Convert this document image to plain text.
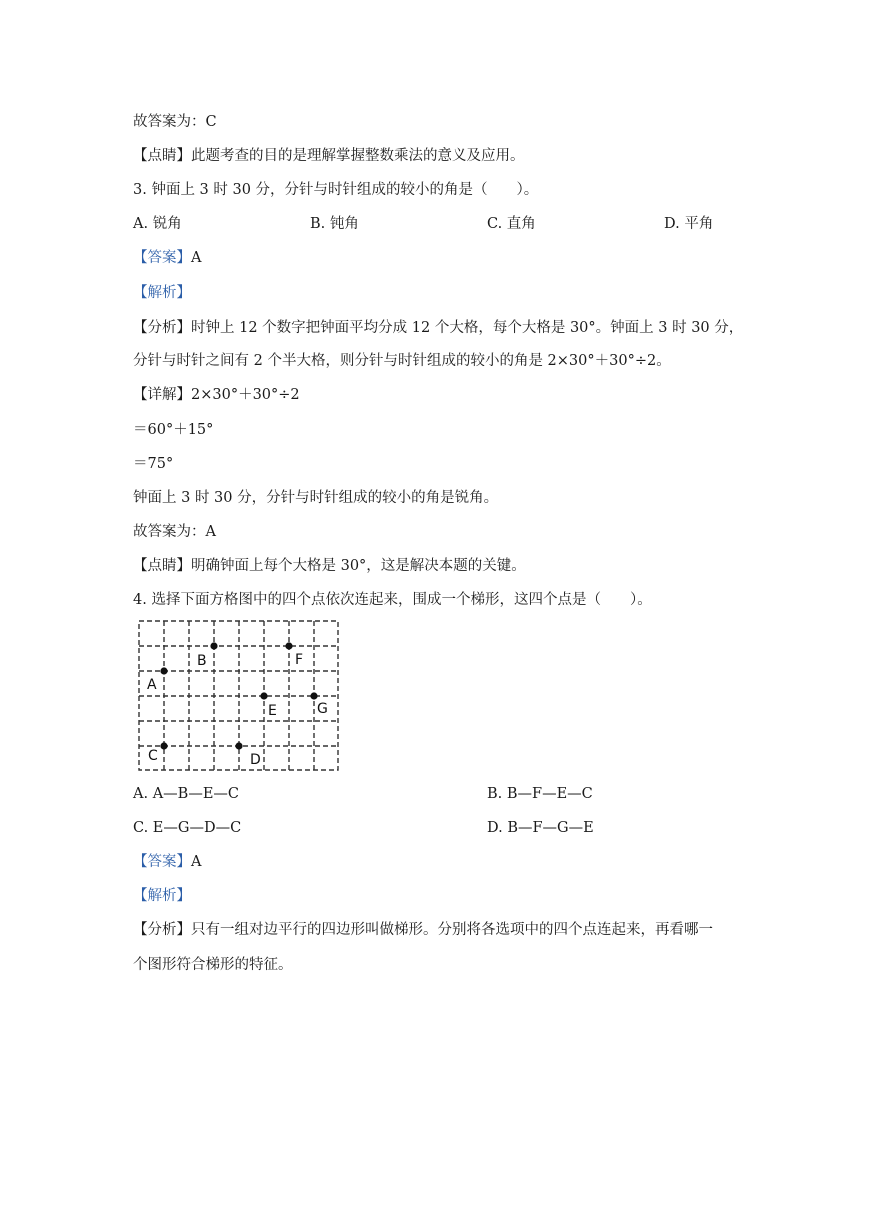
故答案为：C
【点睛】此题考查的目的是理解掌握整数乘法的意义及应用。
3. 钟面上 3 时 30 分，分针与时针组成的较小的角是（　　）。
A. 锐角	B. 钝角	C. 直角	D. 平角
【答案】A
【解析】
【分析】时钟上 12 个数字把钟面平均分成 12 个大格，每个大格是 30°。钟面上 3 时 30 分，
分针与时针之间有 2 个半大格，则分针与时针组成的较小的角是 2×30°＋30°÷2。
【详解】2×30°＋30°÷2
＝60°＋15°
＝75°
钟面上 3 时 30 分，分针与时针组成的较小的角是锐角。
故答案为：A
【点睛】明确钟面上每个大格是 30°，这是解决本题的关键。
4. 选择下面方格图中的四个点依次连起来，围成一个梯形，这四个点是（　　）。
A
B
C	D
E
F
G
A. A—B—E—C	B. B—F—E—C
C. E—G—D—C	D. B—F—G—E
【答案】A
【解析】
【分析】只有一组对边平行的四边形叫做梯形。分别将各选项中的四个点连起来，再看哪一
个图形符合梯形的特征。
